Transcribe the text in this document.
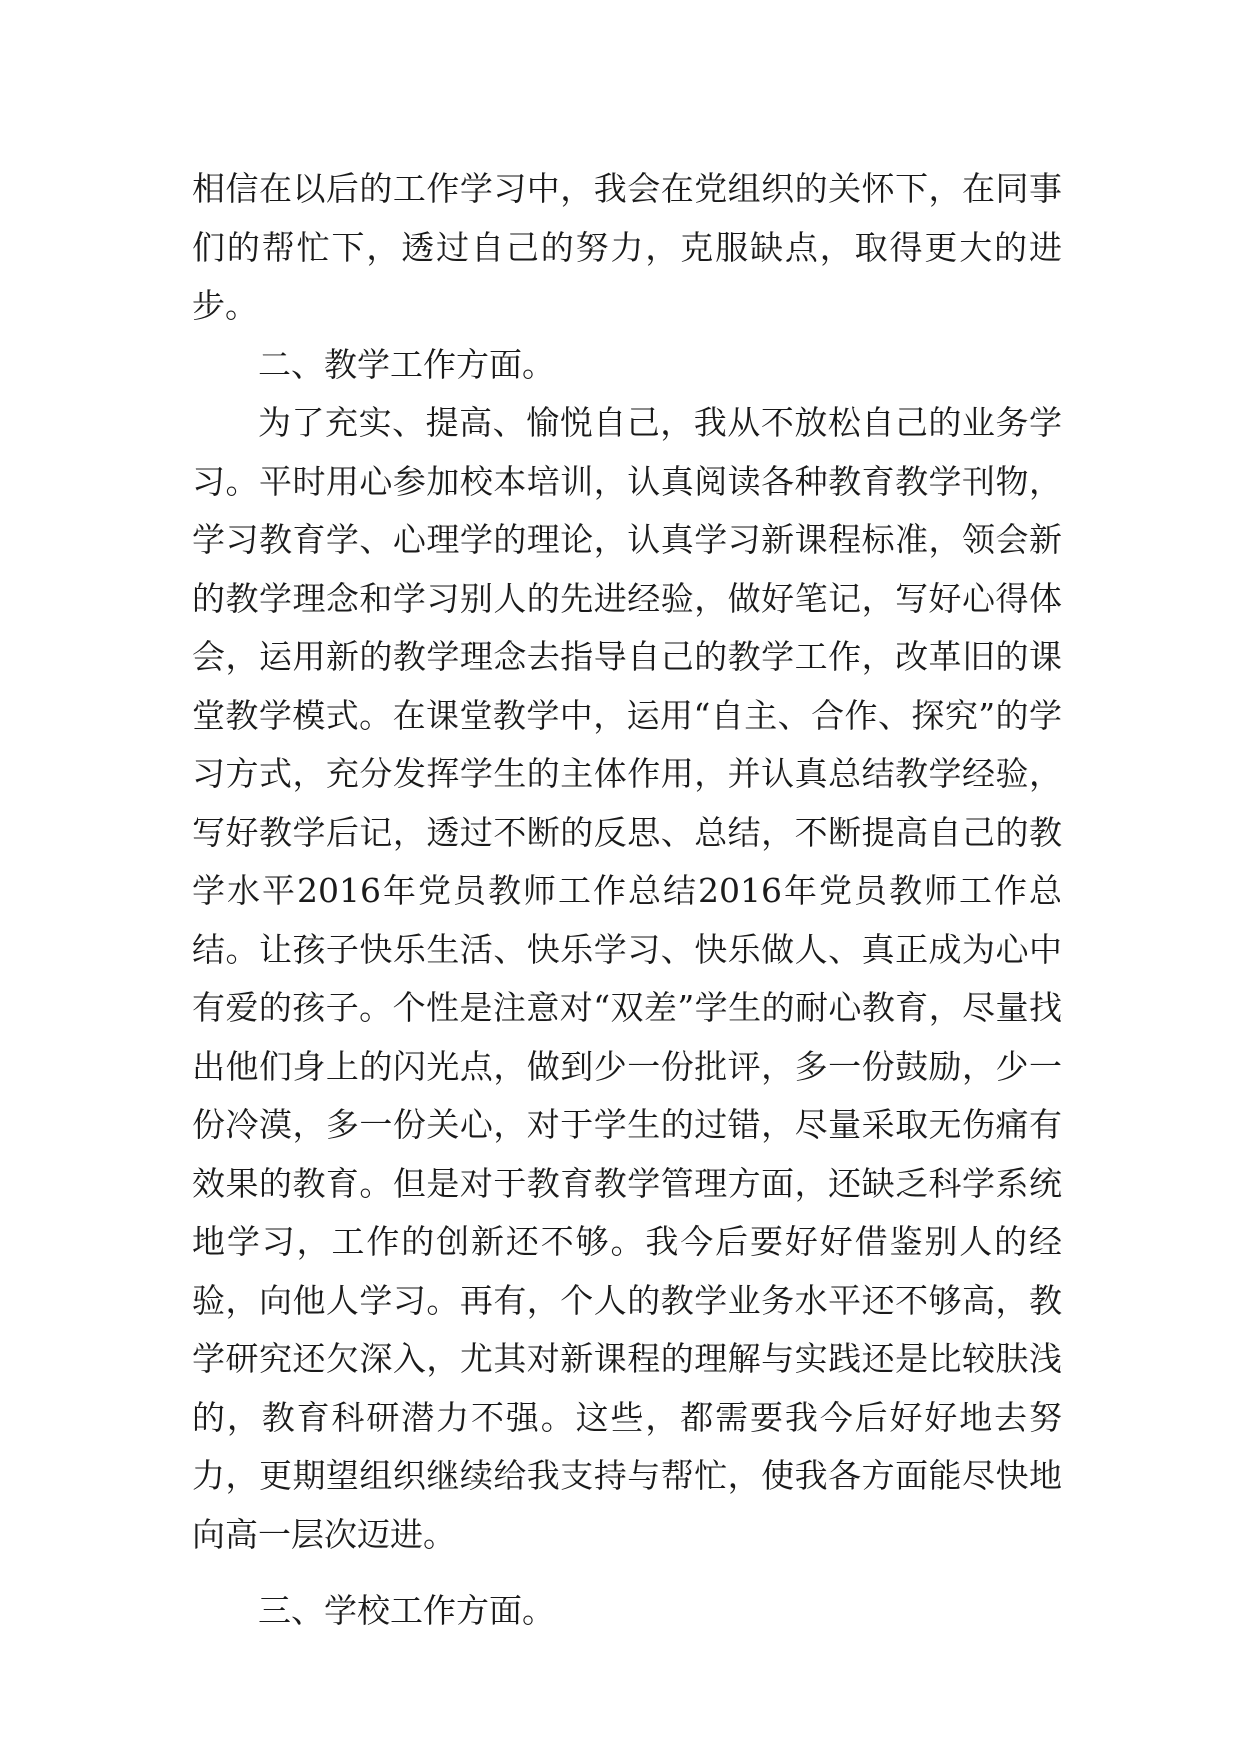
相信在以后的工作学习中，我会在党组织的关怀下，在同事们的帮忙下，透过自己的努力，克服缺点，取得更大的进步。

二、教学工作方面。

为了充实、提高、愉悦自己，我从不放松自己的业务学习。平时用心参加校本培训，认真阅读各种教育教学刊物，学习教育学、心理学的理论，认真学习新课程标准，领会新的教学理念和学习别人的先进经验，做好笔记，写好心得体会，运用新的教学理念去指导自己的教学工作，改革旧的课堂教学模式。在课堂教学中，运用“自主、合作、探究”的学习方式，充分发挥学生的主体作用，并认真总结教学经验，写好教学后记，透过不断的反思、总结，不断提高自己的教学水平2016年党员教师工作总结2016年党员教师工作总结。让孩子快乐生活、快乐学习、快乐做人、真正成为心中有爱的孩子。个性是注意对“双差”学生的耐心教育，尽量找出他们身上的闪光点，做到少一份批评，多一份鼓励，少一份冷漠，多一份关心，对于学生的过错，尽量采取无伤痛有效果的教育。但是对于教育教学管理方面，还缺乏科学系统地学习，工作的创新还不够。我今后要好好借鉴别人的经验，向他人学习。再有，个人的教学业务水平还不够高，教学研究还欠深入，尤其对新课程的理解与实践还是比较肤浅的，教育科研潜力不强。这些，都需要我今后好好地去努力，更期望组织继续给我支持与帮忙，使我各方面能尽快地向高一层次迈进。

三、学校工作方面。
